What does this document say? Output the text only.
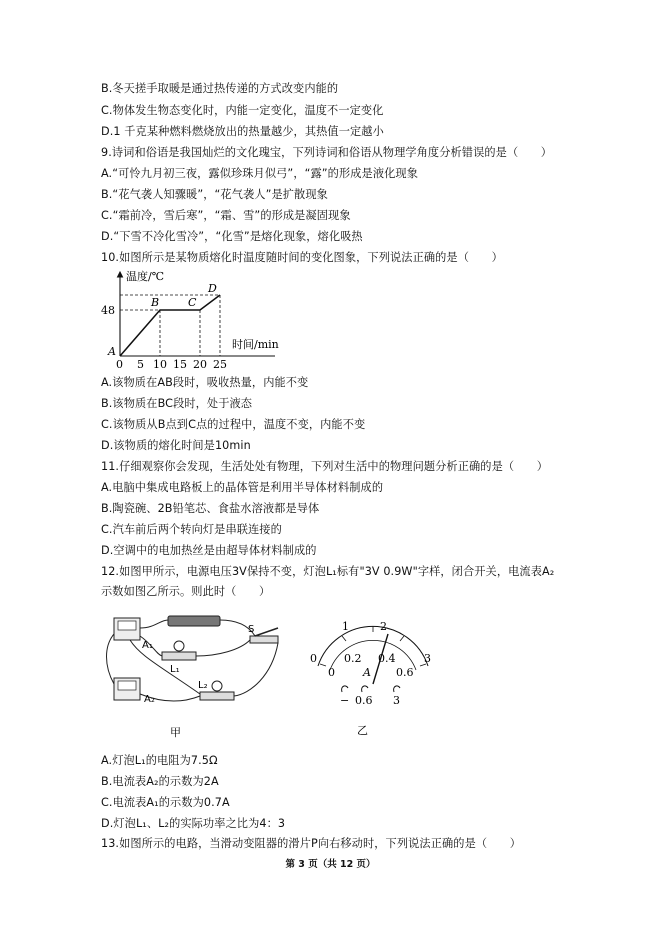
B.冬天搓手取暖是通过热传递的方式改变内能的
C.物体发生物态变化时，内能一定变化，温度不一定变化
D.1 千克某种燃料燃烧放出的热量越少，其热值一定越小
9.诗词和俗语是我国灿烂的文化瑰宝，下列诗词和俗语从物理学角度分析错误的是（　　）
A.“可怜九月初三夜，露似珍珠月似弓”，“露”的形成是液化现象
B.“花气袭人知骤暖”，“花气袭人”是扩散现象
C.“霜前冷，雪后寒”，“霜、雪”的形成是凝固现象
D.“下雪不冷化雪冷”，“化雪”是熔化现象，熔化吸热
10.如图所示是某物质熔化时温度随时间的变化图象，下列说法正确的是（　　）
温度/℃
时间/min
48
A
B	C
D
0 5 10 15 20 25
A.该物质在AB段时，吸收热量，内能不变
B.该物质在BC段时，处于液态
C.该物质从B点到C点的过程中，温度不变，内能不变
D.该物质的熔化时间是10min
11.仔细观察你会发现，生活处处有物理，下列对生活中的物理问题分析正确的是（　　）
A.电脑中集成电路板上的晶体管是利用半导体材料制成的
B.陶瓷碗、2B铅笔芯、食盐水溶液都是导体
C.汽车前后两个转向灯是串联连接的
D.空调中的电加热丝是由超导体材料制成的
12.如图甲所示，电源电压3V保持不变，灯泡L₁标有"3V 0.9W"字样，闭合开关，电流表A₂
示数如图乙所示。则此时（　　）
A₁
L₁
A₂
L₂
S
甲
0
1	2
3
0
0.2 0.4
0.6
A
− 0.6 3
乙
A.灯泡L₁的电阻为7.5Ω
B.电流表A₂的示数为2A
C.电流表A₁的示数为0.7A
D.灯泡L₁、L₂的实际功率之比为4：3
13.如图所示的电路，当滑动变阻器的滑片P向右移动时，下列说法正确的是（　　）
第 3 页（共 12 页）
